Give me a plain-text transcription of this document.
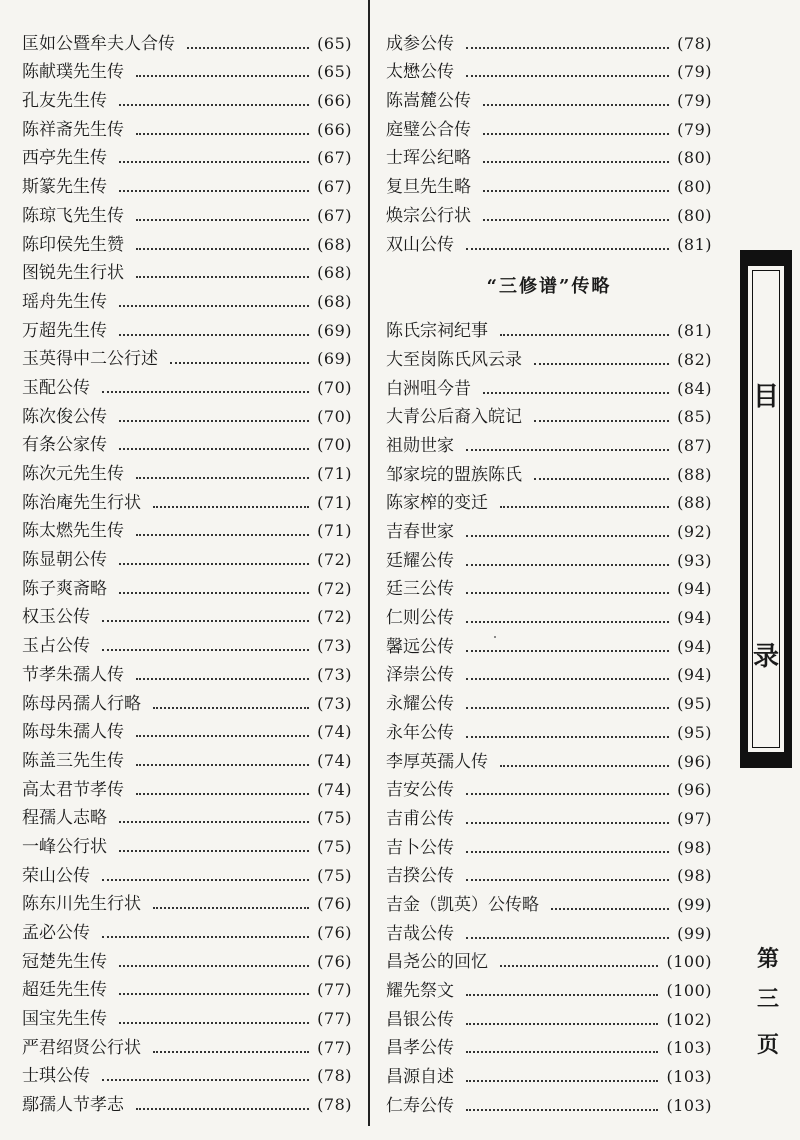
匡如公暨牟夫人合传	(65)
陈献璞先生传	(65)
孔友先生传	(66)
陈祥斋先生传	(66)
西亭先生传	(67)
斯篆先生传	(67)
陈琼飞先生传	(67)
陈印侯先生赞	(68)
图锐先生行状	(68)
瑶舟先生传	(68)
万超先生传	(69)
玉英得中二公行述	(69)
玉配公传	(70)
陈次俊公传	(70)
有条公家传	(70)
陈次元先生传	(71)
陈治庵先生行状	(71)
陈太燃先生传	(71)
陈显朝公传	(72)
陈子爽斋略	(72)
权玉公传	(72)
玉占公传	(73)
节孝朱孺人传	(73)
陈母呙孺人行略	(73)
陈母朱孺人传	(74)
陈盖三先生传	(74)
高太君节孝传	(74)
程孺人志略	(75)
一峰公行状	(75)
荣山公传	(75)
陈东川先生行状	(76)
孟必公传	(76)
冠楚先生传	(76)
超廷先生传	(77)
国宝先生传	(77)
严君绍贤公行状	(77)
士琪公传	(78)
鄢孺人节孝志	(78)
成参公传	(78)
太懋公传	(79)
陈嵩麓公传	(79)
庭璧公合传	(79)
士珲公纪略	(80)
复旦先生略	(80)
焕宗公行状	(80)
双山公传	(81)
“三修谱”传略
陈氏宗祠纪事	(81)
大至岗陈氏风云录	(82)
白洲咀今昔	(84)
大青公后裔入皖记	(85)
祖勋世家	(87)
邹家垸的盟族陈氏	(88)
陈家榨的变迁	(88)
吉春世家	(92)
廷耀公传	(93)
廷三公传	(94)
仁则公传	(94)
馨远公传	(94)
泽崇公传	(94)
永耀公传	(95)
永年公传	(95)
李厚英孺人传	(96)
吉安公传	(96)
吉甫公传	(97)
吉卜公传	(98)
吉揆公传	(98)
吉金（凯英）公传略	(99)
吉哉公传	(99)
昌尧公的回忆	(100)
耀先祭文	(100)
昌银公传	(102)
昌孝公传	(103)
昌源自述	(103)
仁寿公传	(103)
目
录
第
三
页
